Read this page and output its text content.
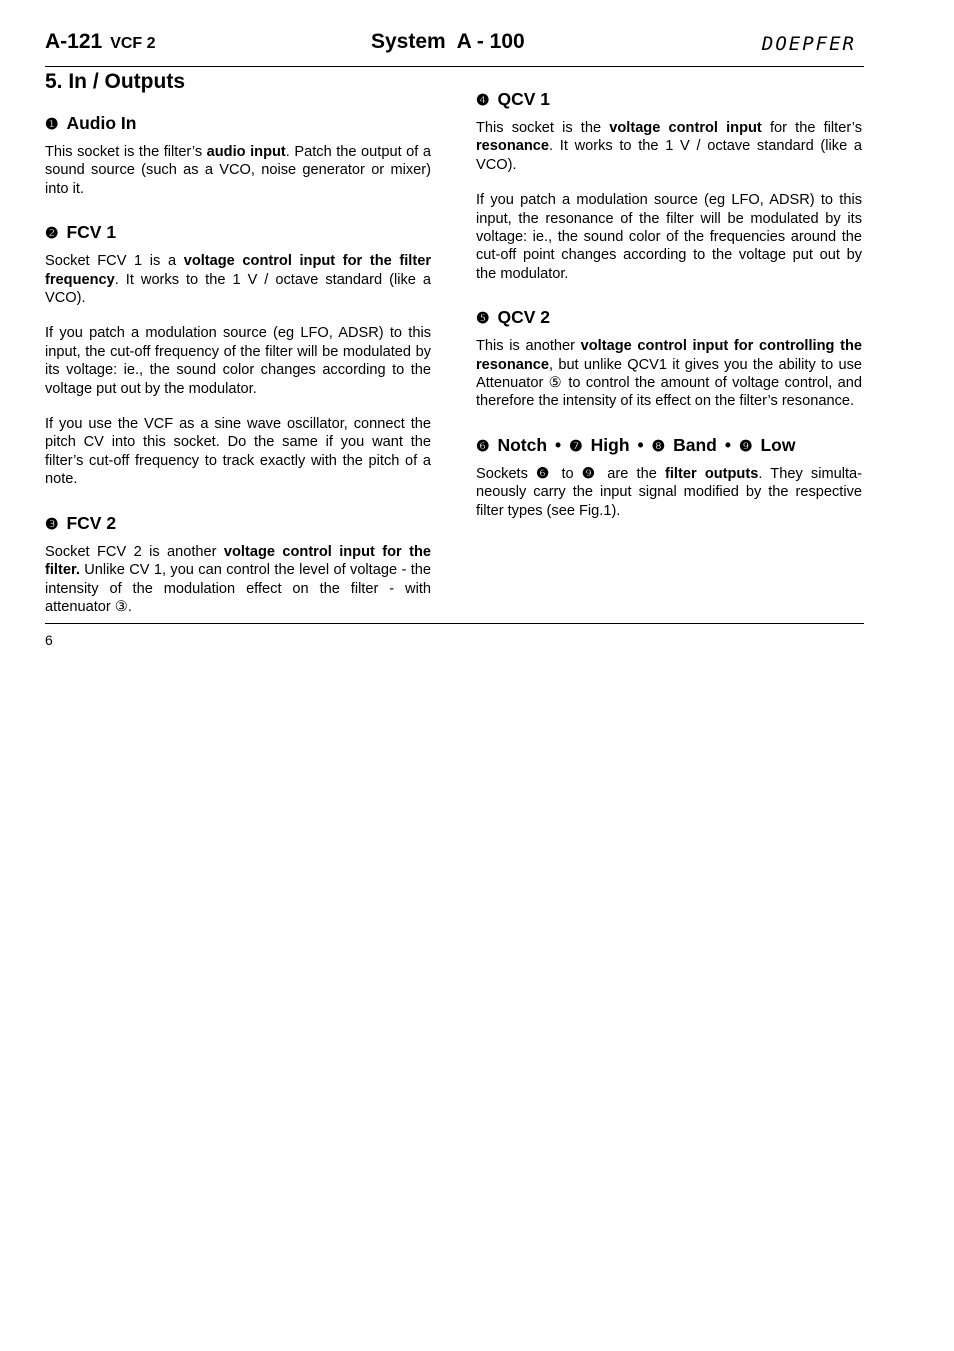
A-121 VCF 2	System  A - 100	DOEPFER
5. In / Outputs
❶ Audio In

This socket is the filter’s audio input. Patch the output of a sound source (such as a VCO, noise generator or mixer) into it.

❷ FCV 1

Socket FCV 1 is a voltage control input for the filter frequency. It works to the 1 V / octave standard (like a VCO).

If you patch a modulation source (eg LFO, ADSR) to this input, the cut-off frequency of the filter will be modulated by its voltage: ie., the sound color changes according to the voltage put out by the modulator.

If you use the VCF as a sine wave oscillator, connect the pitch CV into this socket. Do the same if you want the filter’s cut-off frequency to track exactly with the pitch of a note.

❸ FCV 2

Socket FCV 2 is another voltage control input for the filter. Unlike CV 1, you can control the level of voltage - the intensity of the modulation effect on the filter - with attenuator ③.

❹ QCV 1

This socket is the voltage control input for the filter’s resonance. It works to the 1 V / octave standard (like a VCO).

If you patch a modulation source (eg LFO, ADSR) to this input, the resonance of the filter will be modulated by its voltage: ie., the sound color of the frequencies around the cut-off point changes according to the voltage put out by the modulator.

❺ QCV 2

This is another voltage control input for controlling the resonance, but unlike QCV1 it gives you the ability to use Attenuator ⑤ to control the amount of voltage control, and therefore the intensity of its effect on the filter’s resonance.

❻ Notch • ❼ High • ❽ Band • ❾ Low

Sockets ❻ to ❾ are the filter outputs. They simulta-neously carry the input signal modified by the respective filter types (see Fig.1).

6
